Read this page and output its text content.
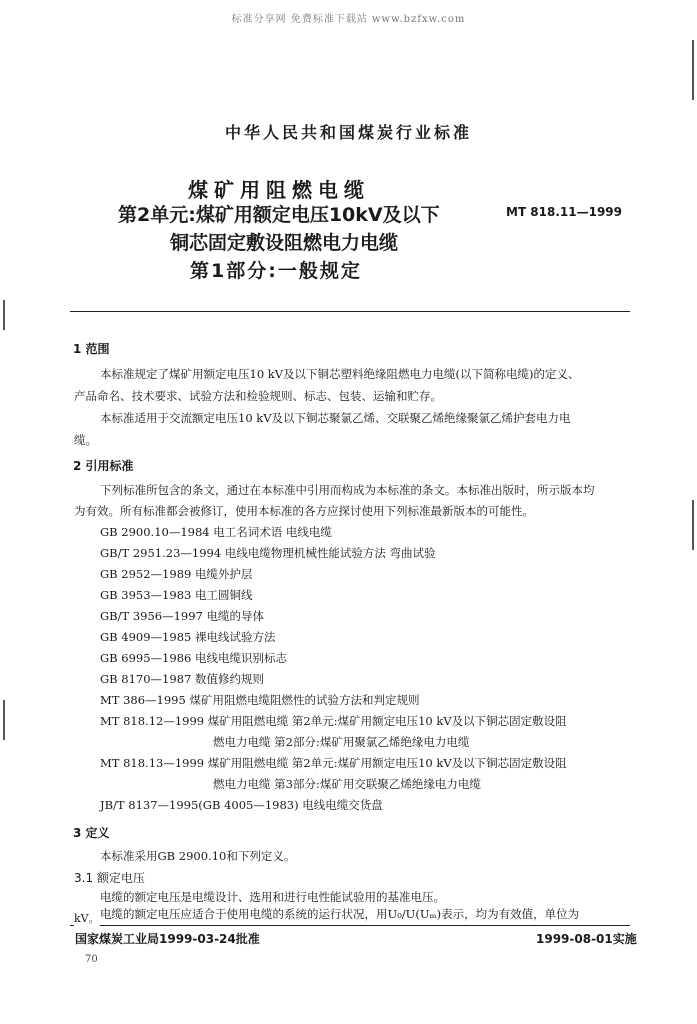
标准分享网 免费标准下载站 www.bzfxw.com
中华人民共和国煤炭行业标准
煤矿用阻燃电缆
第2单元:煤矿用额定电压10kV及以下
铜芯固定敷设阻燃电力电缆
第1部分:一般规定
MT 818.11—1999
1 范围
本标准规定了煤矿用额定电压10 kV及以下铜芯塑料绝缘阻燃电力电缆(以下简称电缆)的定义、
产品命名、技术要求、试验方法和检验规则、标志、包装、运输和贮存。
本标准适用于交流额定电压10 kV及以下铜芯聚氯乙烯、交联聚乙烯绝缘聚氯乙烯护套电力电
缆。
2 引用标准
下列标准所包含的条文，通过在本标准中引用而构成为本标准的条文。本标准出版时，所示版本均
为有效。所有标准都会被修订，使用本标准的各方应探讨使用下列标准最新版本的可能性。
GB 2900.10—1984 电工名词术语 电线电缆
GB/T 2951.23—1994 电线电缆物理机械性能试验方法 弯曲试验
GB 2952—1989 电缆外护层
GB 3953—1983 电工圆铜线
GB/T 3956—1997 电缆的导体
GB 4909—1985 裸电线试验方法
GB 6995—1986 电线电缆识别标志
GB 8170—1987 数值修约规则
MT 386—1995 煤矿用阻燃电缆阻燃性的试验方法和判定规则
MT 818.12—1999 煤矿用阻燃电缆 第2单元:煤矿用额定电压10 kV及以下铜芯固定敷设阻
燃电力电缆 第2部分:煤矿用聚氯乙烯绝缘电力电缆
MT 818.13—1999 煤矿用阻燃电缆 第2单元:煤矿用额定电压10 kV及以下铜芯固定敷设阻
燃电力电缆 第3部分:煤矿用交联聚乙烯绝缘电力电缆
JB/T 8137—1995(GB 4005—1983) 电线电缆交货盘
3 定义
本标准采用GB 2900.10和下列定义。
3.1 额定电压
电缆的额定电压是电缆设计、选用和进行电性能试验用的基准电压。
电缆的额定电压应适合于使用电缆的系统的运行状况，用U₀/U(Uₘ)表示，均为有效值，单位为
kV。
国家煤炭工业局1999-03-24批准	1999-08-01实施
70
